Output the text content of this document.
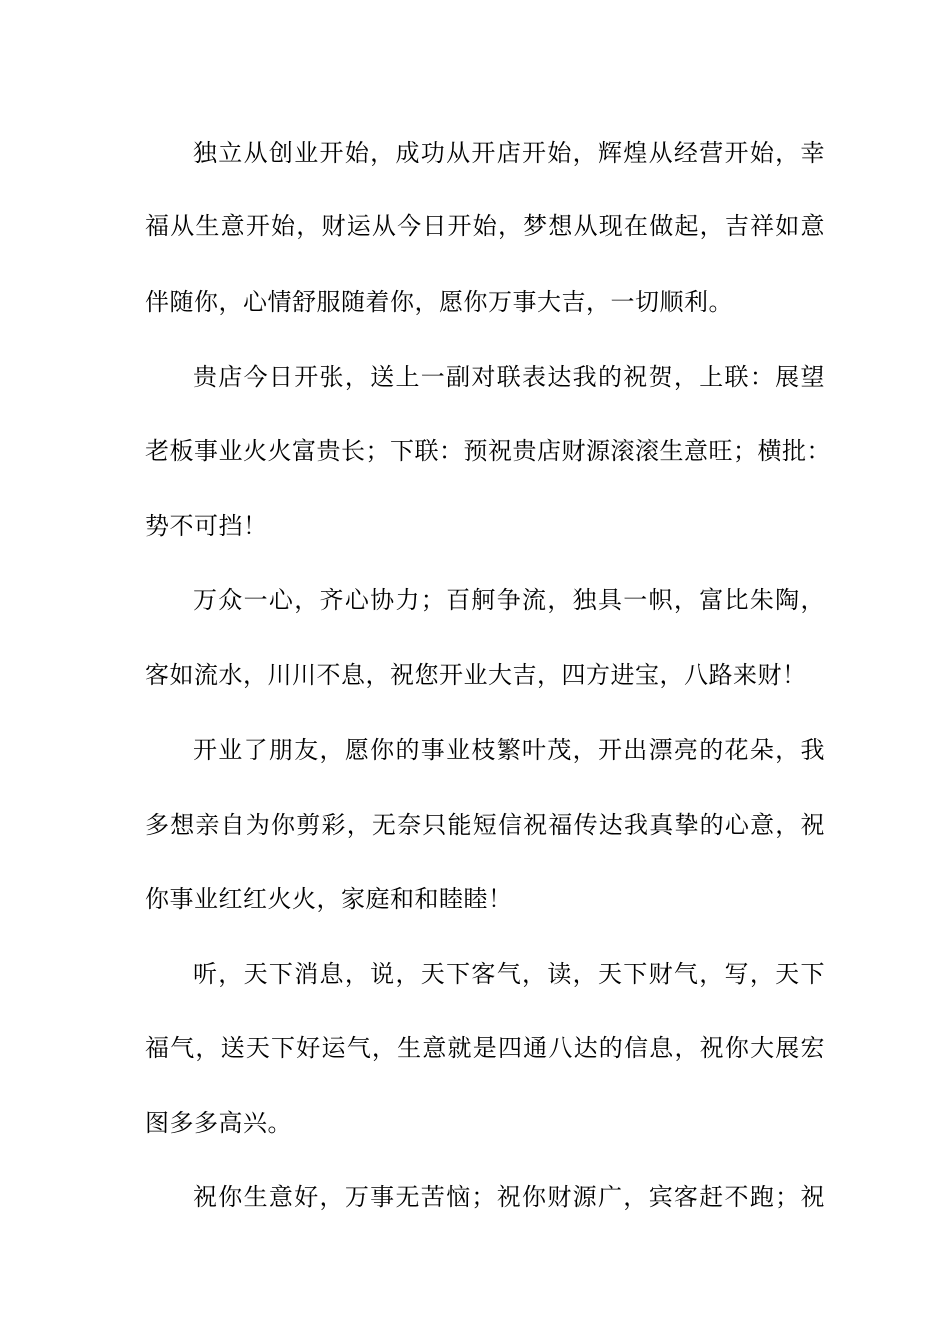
独立从创业开始，成功从开店开始，辉煌从经营开始，幸
福从生意开始，财运从今日开始，梦想从现在做起，吉祥如意
伴随你，心情舒服随着你，愿你万事大吉，一切顺利。
贵店今日开张，送上一副对联表达我的祝贺，上联：展望
老板事业火火富贵长；下联：预祝贵店财源滚滚生意旺；横批：
势不可挡！
万众一心，齐心协力；百舸争流，独具一帜，富比朱陶，
客如流水，川川不息，祝您开业大吉，四方进宝，八路来财！
开业了朋友，愿你的事业枝繁叶茂，开出漂亮的花朵，我
多想亲自为你剪彩，无奈只能短信祝福传达我真挚的心意，祝
你事业红红火火，家庭和和睦睦！
听，天下消息，说，天下客气，读，天下财气，写，天下
福气，送天下好运气，生意就是四通八达的信息，祝你大展宏
图多多高兴。
祝你生意好，万事无苦恼；祝你财源广，宾客赶不跑；祝
